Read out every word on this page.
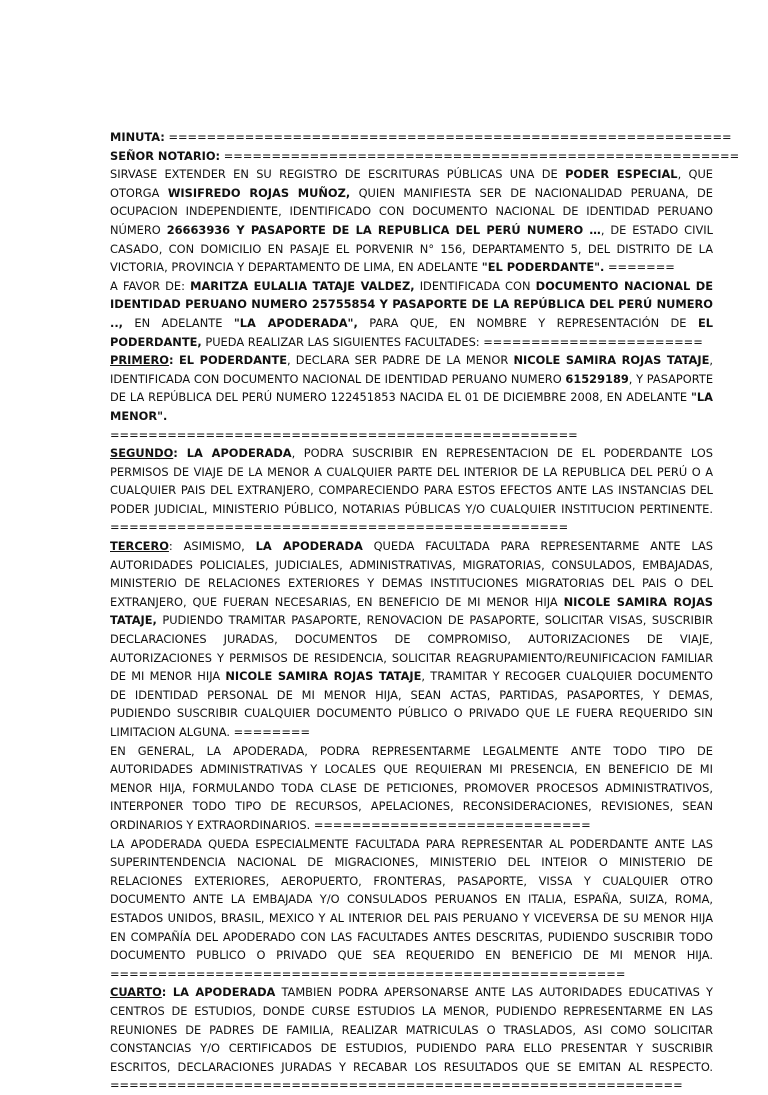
MINUTA: ===========================================================

SEÑOR NOTARIO: ======================================================

SIRVASE EXTENDER EN SU REGISTRO DE ESCRITURAS PÚBLICAS UNA DE PODER ESPECIAL, QUE OTORGA WISIFREDO ROJAS MUÑOZ, QUIEN MANIFIESTA SER DE NACIONALIDAD PERUANA, DE OCUPACION INDEPENDIENTE, IDENTIFICADO CON DOCUMENTO NACIONAL DE IDENTIDAD PERUANO NÚMERO 26663936 Y PASAPORTE DE LA REPUBLICA DEL PERÚ NUMERO …, DE ESTADO CIVIL CASADO, CON DOMICILIO EN PASAJE EL PORVENIR N° 156, DEPARTAMENTO 5, DEL DISTRITO DE LA VICTORIA, PROVINCIA Y DEPARTAMENTO DE LIMA, EN ADELANTE "EL PODERDANTE". =======

A FAVOR DE: MARITZA EULALIA TATAJE VALDEZ, IDENTIFICADA CON DOCUMENTO NACIONAL DE IDENTIDAD PERUANO NUMERO 25755854 Y PASAPORTE DE LA REPÚBLICA DEL PERÚ NUMERO .., EN ADELANTE "LA APODERADA", PARA QUE, EN NOMBRE Y REPRESENTACIÓN DE EL PODERDANTE, PUEDA REALIZAR LAS SIGUIENTES FACULTADES: =======================

PRIMERO: EL PODERDANTE, DECLARA SER PADRE DE LA MENOR NICOLE SAMIRA ROJAS TATAJE, IDENTIFICADA CON DOCUMENTO NACIONAL DE IDENTIDAD PERUANO NUMERO 61529189, Y PASAPORTE DE LA REPÚBLICA DEL PERÚ NUMERO 122451853 NACIDA EL 01 DE DICIEMBRE 2008, EN ADELANTE "LA MENOR".

=================================================

SEGUNDO: LA APODERADA, PODRA SUSCRIBIR EN REPRESENTACION DE EL PODERDANTE LOS PERMISOS DE VIAJE DE LA MENOR A CUALQUIER PARTE DEL INTERIOR DE LA REPUBLICA DEL PERÚ O A CUALQUIER PAIS DEL EXTRANJERO, COMPARECIENDO PARA ESTOS EFECTOS ANTE LAS INSTANCIAS DEL PODER JUDICIAL, MINISTERIO PÚBLICO, NOTARIAS PÚBLICAS Y/O CUALQUIER INSTITUCION PERTINENTE. ================================================

TERCERO: ASIMISMO, LA APODERADA QUEDA FACULTADA PARA REPRESENTARME ANTE LAS AUTORIDADES POLICIALES, JUDICIALES, ADMINISTRATIVAS, MIGRATORIAS, CONSULADOS, EMBAJADAS, MINISTERIO DE RELACIONES EXTERIORES Y DEMAS INSTITUCIONES MIGRATORIAS DEL PAIS O DEL EXTRANJERO, QUE FUERAN NECESARIAS, EN BENEFICIO DE MI MENOR HIJA NICOLE SAMIRA ROJAS TATAJE, PUDIENDO TRAMITAR PASAPORTE, RENOVACION DE PASAPORTE, SOLICITAR VISAS, SUSCRIBIR DECLARACIONES JURADAS, DOCUMENTOS DE COMPROMISO, AUTORIZACIONES DE VIAJE, AUTORIZACIONES Y PERMISOS DE RESIDENCIA, SOLICITAR REAGRUPAMIENTO/REUNIFICACION FAMILIAR DE MI MENOR HIJA NICOLE SAMIRA ROJAS TATAJE, TRAMITAR Y RECOGER CUALQUIER DOCUMENTO DE IDENTIDAD PERSONAL DE MI MENOR HIJA, SEAN ACTAS, PARTIDAS, PASAPORTES, Y DEMAS, PUDIENDO SUSCRIBIR CUALQUIER DOCUMENTO PÚBLICO O PRIVADO QUE LE FUERA REQUERIDO SIN LIMITACION ALGUNA. ========

EN GENERAL, LA APODERADA, PODRA REPRESENTARME LEGALMENTE ANTE TODO TIPO DE AUTORIDADES ADMINISTRATIVAS Y LOCALES QUE REQUIERAN MI PRESENCIA, EN BENEFICIO DE MI MENOR HIJA, FORMULANDO TODA CLASE DE PETICIONES, PROMOVER PROCESOS ADMINISTRATIVOS, INTERPONER TODO TIPO DE RECURSOS, APELACIONES, RECONSIDERACIONES, REVISIONES, SEAN ORDINARIOS Y EXTRAORDINARIOS. =============================

LA APODERADA QUEDA ESPECIALMENTE FACULTADA PARA REPRESENTAR AL PODERDANTE ANTE LAS SUPERINTENDENCIA NACIONAL DE MIGRACIONES, MINISTERIO DEL INTEIOR O MINISTERIO DE RELACIONES EXTERIORES, AEROPUERTO, FRONTERAS, PASAPORTE, VISSA Y CUALQUIER OTRO DOCUMENTO ANTE LA EMBAJADA Y/O CONSULADOS PERUANOS EN ITALIA, ESPAÑA, SUIZA, ROMA, ESTADOS UNIDOS, BRASIL, MEXICO Y AL INTERIOR DEL PAIS PERUANO Y VICEVERSA DE SU MENOR HIJA EN COMPAÑÍA DEL APODERADO CON LAS FACULTADES ANTES DESCRITAS, PUDIENDO SUSCRIBIR TODO DOCUMENTO PUBLICO O PRIVADO QUE SEA REQUERIDO EN BENEFICIO DE MI MENOR HIJA. ======================================================

CUARTO: LA APODERADA TAMBIEN PODRA APERSONARSE ANTE LAS AUTORIDADES EDUCATIVAS Y CENTROS DE ESTUDIOS, DONDE CURSE ESTUDIOS LA MENOR, PUDIENDO REPRESENTARME EN LAS REUNIONES DE PADRES DE FAMILIA, REALIZAR MATRICULAS O TRASLADOS, ASI COMO SOLICITAR CONSTANCIAS Y/O CERTIFICADOS DE ESTUDIOS, PUDIENDO PARA ELLO PRESENTAR Y SUSCRIBIR ESCRITOS, DECLARACIONES JURADAS Y RECABAR LOS RESULTADOS QUE SE EMITAN AL RESPECTO. ============================================================
